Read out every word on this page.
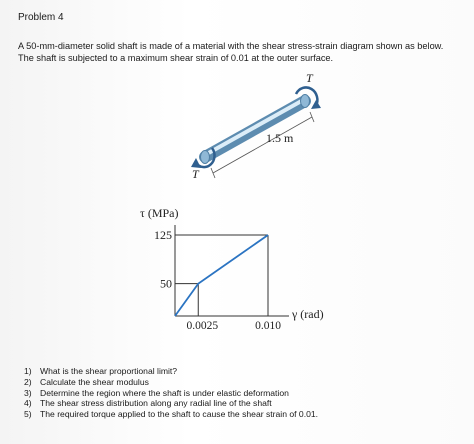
Problem 4
A 50-mm-diameter solid shaft is made of a material with the shear stress-strain diagram shown as below.
The shaft is subjected to a maximum shear strain of 0.01 at the outer surface.
T
T
1.5 m
τ (MPa)
γ (rad)
125
50
0.0025	0.010
1) What is the shear proportional limit?
2) Calculate the shear modulus
3) Determine the region where the shaft is under elastic deformation
4) The shear stress distribution along any radial line of the shaft
5) The required torque applied to the shaft to cause the shear strain of 0.01.
